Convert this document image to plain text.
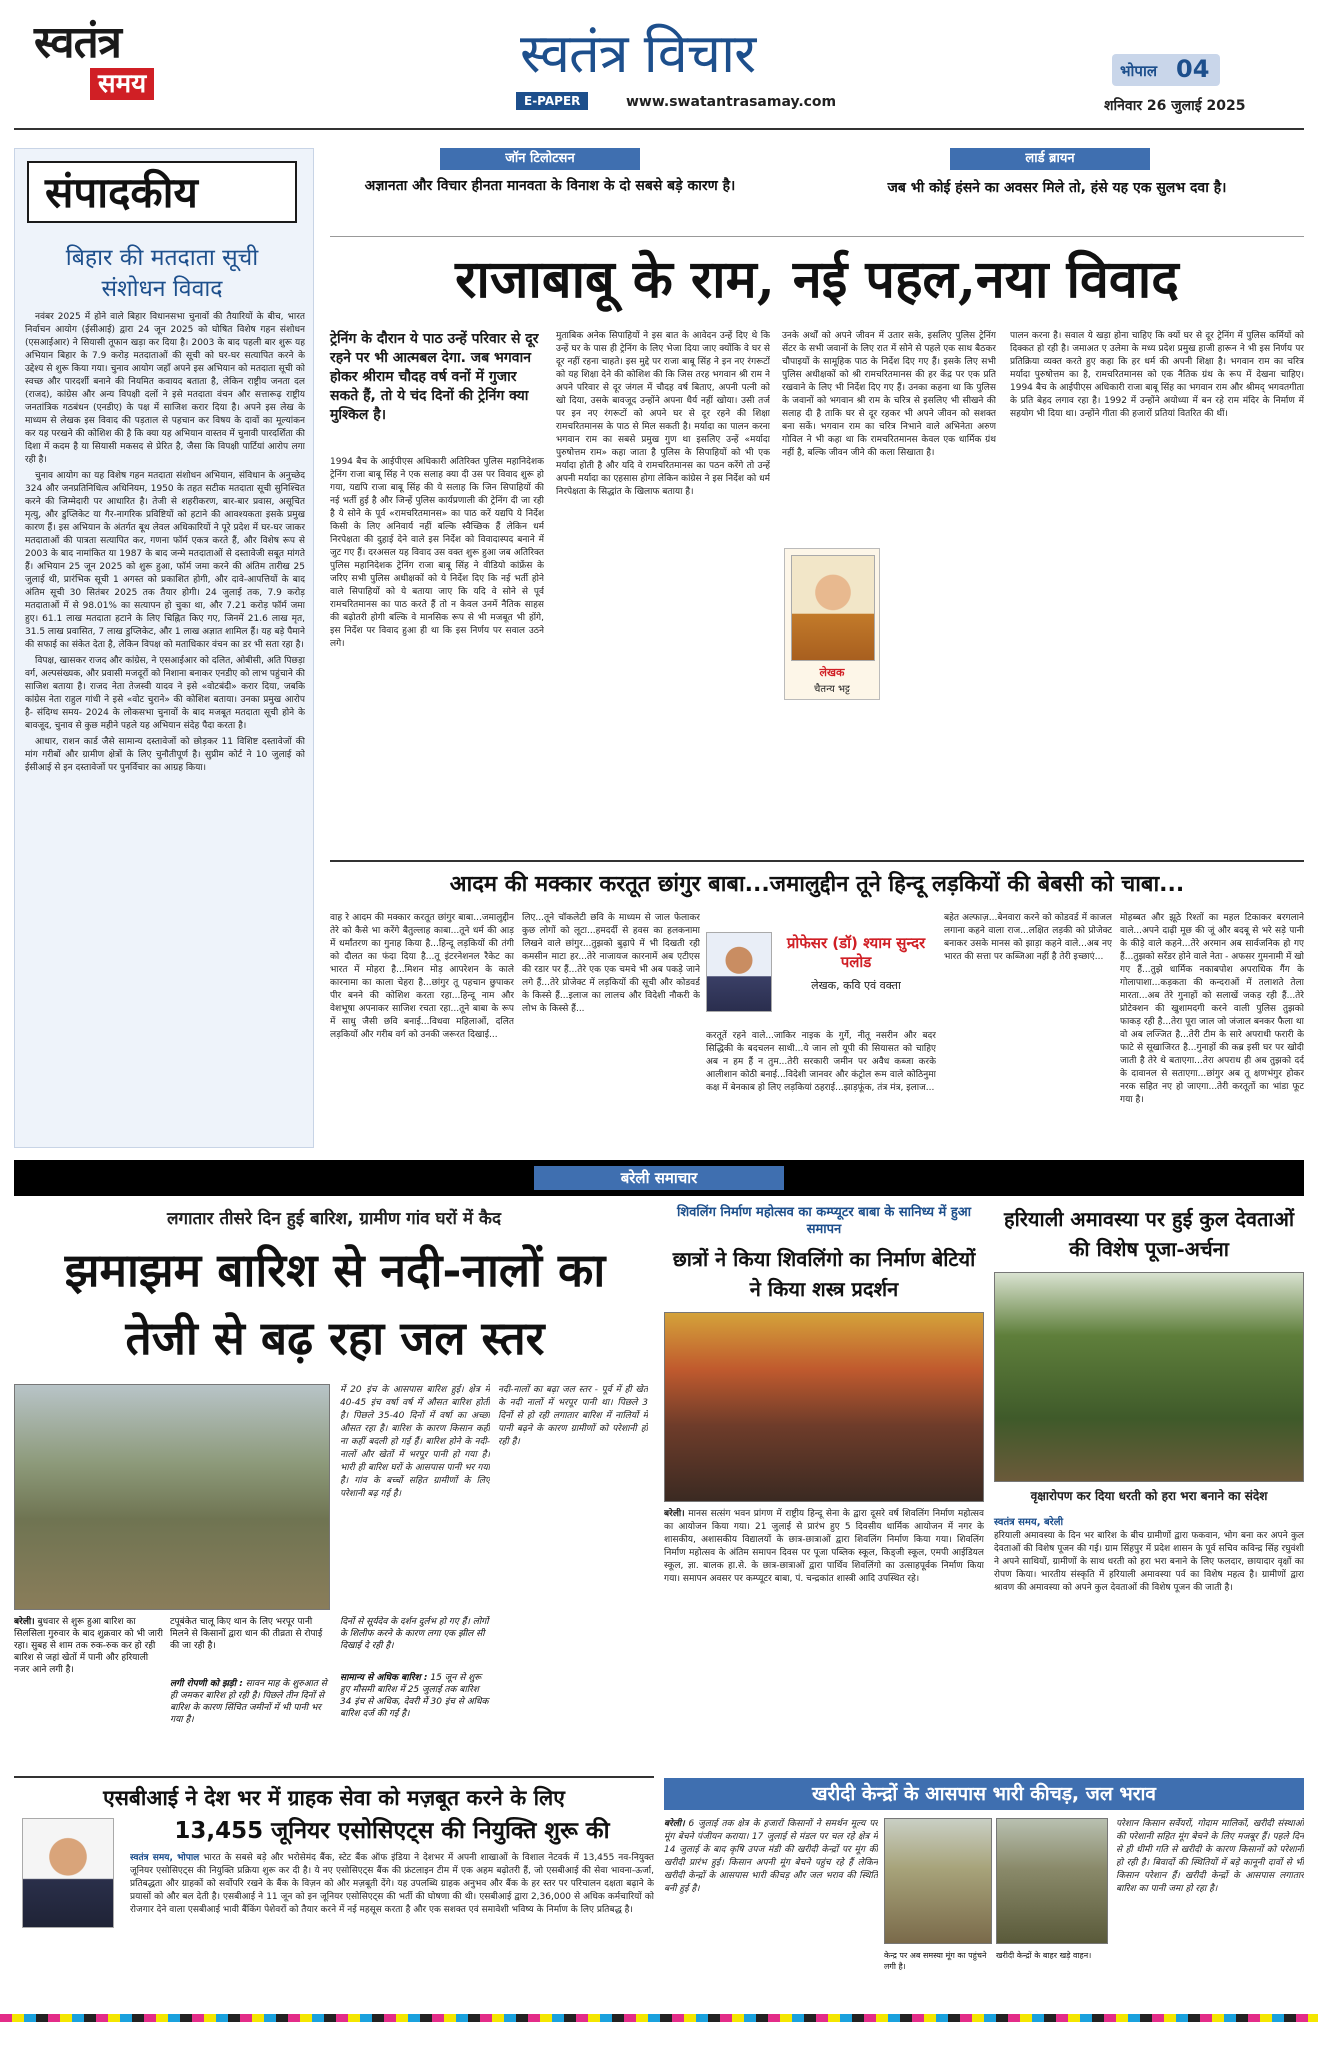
स्वतंत्र
समय	स्वतंत्र विचार
E-PAPER	www.swatantrasamay.com
भोपाल 04
शनिवार 26 जुलाई 2025
संपादकीय
बिहार की मतदाता सूची संशोधन विवाद

नवंबर 2025 में होने वाले बिहार विधानसभा चुनावों की तैयारियों के बीच, भारत निर्वाचन आयोग (ईसीआई) द्वारा 24 जून 2025 को घोषित विशेष गहन संशोधन (एसआईआर) ने सियासी तूफान खड़ा कर दिया है। 2003 के बाद पहली बार शुरू यह अभियान बिहार के 7.9 करोड़ मतदाताओं की सूची को घर-घर सत्यापित करने के उद्देश्य से शुरू किया गया। चुनाव आयोग जहाँ अपने इस अभियान को मतदाता सूची को स्वच्छ और पारदर्शी बनाने की नियमित कवायद बताता है, लेकिन राष्ट्रीय जनता दल (राजद), कांग्रेस और अन्य विपक्षी दलों ने इसे मतदाता वंचन और सत्तारूढ़ राष्ट्रीय जनतांत्रिक गठबंधन (एनडीए) के पक्ष में साजिश करार दिया है। अपने इस लेख के माध्यम से लेखक इस विवाद की पड़ताल से पहचान कर विषय के दावों का मूल्यांकन कर यह परखने की कोशिश की है कि क्या यह अभियान वास्तव में चुनावी पारदर्शिता की दिशा में कदम है या सियासी मकसद से प्रेरित है, जैसा कि विपक्षी पार्टियां आरोप लगा रही है।

चुनाव आयोग का यह विशेष गहन मतदाता संशोधन अभियान, संविधान के अनुच्छेद 324 और जनप्रतिनिधित्व अधिनियम, 1950 के तहत सटीक मतदाता सूची सुनिश्चित करने की जिम्मेदारी पर आधारित है। तेजी से शहरीकरण, बार-बार प्रवास, असूचित मृत्यु, और डुप्लिकेट या गैर-नागरिक प्रविष्टियों को हटाने की आवश्यकता इसके प्रमुख कारण हैं। इस अभियान के अंतर्गत बूथ लेवल अधिकारियों ने पूरे प्रदेश में घर-घर जाकर मतदाताओं की पात्रता सत्यापित कर, गणना फॉर्म एकत्र करते हैं, और विशेष रूप से 2003 के बाद नामांकित या 1987 के बाद जन्मे मतदाताओं से दस्तावेजी सबूत मांगते हैं। अभियान 25 जून 2025 को शुरू हुआ, फॉर्म जमा करने की अंतिम तारीख 25 जुलाई थी, प्रारंभिक सूची 1 अगस्त को प्रकाशित होगी, और दावे-आपत्तियों के बाद अंतिम सूची 30 सितंबर 2025 तक तैयार होगी। 24 जुलाई तक, 7.9 करोड़ मतदाताओं में से 98.01% का सत्यापन हो चुका था, और 7.21 करोड़ फॉर्म जमा हुए। 61.1 लाख मतदाता हटाने के लिए चिह्नित किए गए, जिनमें 21.6 लाख मृत, 31.5 लाख प्रवासित, 7 लाख डुप्लिकेट, और 1 लाख अज्ञात शामिल हैं। यह बड़े पैमाने की सफाई का संकेत देता है, लेकिन विपक्ष को मताधिकार वंचन का डर भी सता रहा है।

विपक्ष, खासकर राजद और कांग्रेस, ने एसआईआर को दलित, ओबीसी, अति पिछड़ा वर्ग, अल्पसंख्यक, और प्रवासी मजदूरों को निशाना बनाकर एनडीए को लाभ पहुंचाने की साजिश बताया है। राजद नेता तेजस्वी यादव ने इसे «वोटबंदी» करार दिया, जबकि कांग्रेस नेता राहुल गांधी ने इसे «वोट चुराने» की कोशिश बताया। उनका प्रमुख आरोप है- संदिग्ध समय- 2024 के लोकसभा चुनावों के बाद मजबूत मतदाता सूची होने के बावजूद, चुनाव से कुछ महीने पहले यह अभियान संदेह पैदा करता है।

आधार, राशन कार्ड जैसे सामान्य दस्तावेजों को छोड़कर 11 विशिष्ट दस्तावेजों की मांग गरीबों और ग्रामीण क्षेत्रों के लिए चुनौतीपूर्ण है। सुप्रीम कोर्ट ने 10 जुलाई को ईसीआई से इन दस्तावेजों पर पुनर्विचार का आग्रह किया।

जॉन टिलोटसन
अज्ञानता और विचार हीनता मानवता के विनाश के दो सबसे बड़े कारण है।
लार्ड ब्रायन
जब भी कोई हंसने का अवसर मिले तो, हंसे यह एक सुलभ दवा है।
राजाबाबू के राम, नई पहल,नया विवाद
ट्रेनिंग के दौरान ये पाठ उन्हें परिवार से दूर रहने पर भी आत्मबल देगा. जब भगवान होकर श्रीराम चौदह वर्ष वनों में गुजार सकते हैं, तो ये चंद दिनों की ट्रेनिंग क्या मुश्किल है।
1994 बैच के आईपीएस अधिकारी अतिरिक्त पुलिस महानिदेशक ट्रेनिंग राजा बाबू सिंह ने एक सलाह क्या दी उस पर विवाद शुरू हो गया, यद्यपि राजा बाबू सिंह की ये सलाह कि जिन सिपाहियों की नई भर्ती हुई है और जिन्हें पुलिस कार्यप्रणाली की ट्रेनिंग दी जा रही है ये सोने के पूर्व «रामचरितमानस» का पाठ करें यद्यपि ये निर्देश किसी के लिए अनिवार्य नहीं बल्कि स्वैच्छिक हैं लेकिन धर्म निरपेक्षता की दुहाई देने वाले इस निर्देश को विवादास्पद बनाने में जुट गए हैं। दरअसल यह विवाद उस वक्त शुरू हुआ जब अतिरिक्त पुलिस महानिदेशक ट्रेनिंग राजा बाबू सिंह ने वीडियो कांफ्रेंस के जरिए सभी पुलिस अधीक्षकों को ये निर्देश दिए कि नई भर्ती होने वाले सिपाहियों को ये बताया जाए कि यदि वे सोने से पूर्व रामचरितमानस का पाठ करते हैं तो न केवल उनमें नैतिक साहस की बढ़ोतरी होगी बल्कि वे मानसिक रूप से भी मजबूत भी होंगे, इस निर्देश पर विवाद हुआ ही था कि इस निर्णय पर सवाल उठने लगे।
मुताबिक अनेक सिपाहियों ने इस बात के आवेदन उन्हें दिए थे कि उन्हें घर के पास ही ट्रेनिंग के लिए भेजा दिया जाए क्योंकि वे घर से दूर नहीं रहना चाहते। इस मुद्दे पर राजा बाबू सिंह ने इन नए रंगरूटों को यह शिक्षा देने की कोशिश की कि जिस तरह भगवान श्री राम ने अपने परिवार से दूर जंगल में चौदह वर्ष बिताए, अपनी पत्नी को खो दिया, उसके बावजूद उन्होंने अपना धैर्य नहीं खोया। उसी तर्ज पर इन नए रंगरूटों को अपने घर से दूर रहने की शिक्षा रामचरितमानस के पाठ से मिल सकती है। मर्यादा का पालन करना भगवान राम का सबसे प्रमुख गुण था इसलिए उन्हें «मर्यादा पुरुषोत्तम राम» कहा जाता है पुलिस के सिपाहियों को भी एक मर्यादा होती है और यदि वे रामचरितमानस का पठन करेंगे तो उन्हें अपनी मर्यादा का एहसास होगा लेकिन कांग्रेस ने इस निर्देश को धर्म निरपेक्षता के सिद्धांत के खिलाफ बताया है।
लेखक
चैतन्य भट्ट
उनके अर्थों को अपने जीवन में उतार सके, इसलिए पुलिस ट्रेनिंग सेंटर के सभी जवानों के लिए रात में सोने से पहले एक साथ बैठकर चौपाइयों के सामूहिक पाठ के निर्देश दिए गए हैं। इसके लिए सभी पुलिस अधीक्षकों को श्री रामचरितमानस की हर केंद्र पर एक प्रति रखवाने के लिए भी निर्देश दिए गए हैं। उनका कहना था कि पुलिस के जवानों को भगवान श्री राम के चरित्र से इसलिए भी सीखने की सलाह दी है ताकि घर से दूर रहकर भी अपने जीवन को सशक्त बना सकें। भगवान राम का चरित्र निभाने वाले अभिनेता अरुण गोविल ने भी कहा था कि रामचरितमानस केवल एक धार्मिक ग्रंथ नहीं है, बल्कि जीवन जीने की कला सिखाता है।
पालन करना है। सवाल ये खड़ा होना चाहिए कि क्यों घर से दूर ट्रेनिंग में पुलिस कर्मियों को दिक्कत हो रही है। जमाअत ए उलेमा के मध्य प्रदेश प्रमुख हाजी हारून ने भी इस निर्णय पर प्रतिक्रिया व्यक्त करते हुए कहा कि हर धर्म की अपनी शिक्षा है। भगवान राम का चरित्र मर्यादा पुरुषोत्तम का है, रामचरितमानस को एक नैतिक ग्रंथ के रूप में देखना चाहिए। 1994 बैच के आईपीएस अधिकारी राजा बाबू सिंह का भगवान राम और श्रीमद् भगवतगीता के प्रति बेहद लगाव रहा है। 1992 में उन्होंने अयोध्या में बन रहे राम मंदिर के निर्माण में सहयोग भी दिया था। उन्होंने गीता की हजारों प्रतियां वितरित की थीं।
आदम की मक्कार करतूत छांगुर बाबा...जमालुद्दीन तूने हिन्दू लड़कियों की बेबसी को चाबा...
वाह रे आदम की मक्कार करतूत छांगुर बाबा...जमालुद्दीन तेरे को कैसे भा करेंगे बैतुल्लाह काबा...तूने धर्म की आड़ में धर्मांतरण का गुनाह किया है...हिन्दू लड़कियों की तंगी को दौलत का फंदा दिया है...तू इंटरनेशनल रैकेट का भारत में मोहरा है...मिशन मोड़ आपरेशन के काले कारनामा का काला चेहरा है...छांगुर तू पहचान छुपाकर पीर बनने की कोशिश करता रहा...हिन्दू नाम और वेशभूषा अपनाकर साजिश रचता रहा...तूने बाबा के रूप में साधु जैसी छवि बनाई...विधवा महिलाओं, दलित लड़कियों और गरीब वर्ग को उनकी जरूरत दिखाई...
लिए...तूने चॉकलेटी छवि के माध्यम से जाल फेलाकर कुछ लोगों को लूटा...हमदर्दी से हवस का हलकनामा लिखने वाले छांगुर...तुझको बुढ़ापे में भी दिखती रही कमसीन माटा हर...तेरे नाजायज कारनामें अब एटीएस की रडार पर हैं...तेरे एक एक चमचे भी अब पकड़े जाने लगे हैं...तेरे प्रोजेक्ट में लड़कियों की सूची और कोडवर्ड के किस्से हैं...इलाज का लालच और विदेशी नौकरी के लोभ के किस्से हैं...
प्रोफेसर (डॉ) श्याम सुन्दर पलोड
लेखक, कवि एवं वक्ता
करतूतें रहने वाले...जाकिर नाइक के गुर्गे, नीतू नसरीन और बदर सिद्धिकी के बदचलन साथी...ये जान लो यूपी की सियासत को चाहिए अब न हम हैं न तुम...तेरी सरकारी जमीन पर अवैध कब्जा करके आलीशान कोठी बनाई...विदेशी जानवर और कंट्रोल रूम वाले कोठिनुमा कक्ष में बेनकाब हो लिए लड़कियां ठहराई...झाड़फूंक, तंत्र मंत्र, इलाज...
बहेत अल्फाज़...बेनवारा करने को कोडवर्ड में काजल लगाना कहने वाला राज...लक्षित लड़की को प्रोजेक्ट बनाकर उसके मानस को झाड़ा कहने वाले...अब नए भारत की सत्ता पर कब्जिआ नहीं है तेरी इच्छाएं...
मोहब्बत और झूठे रिश्तों का महल टिकाकर बरगलाने वाले...अपने दाढ़ी मूछ की जूं और बदबू से भरे सड़े पानी के कीड़े वाले कहने...तेरे अरमान अब सार्वजनिक हो गए हैं...तुझको सरेंडर होने वाले नेता - अफसर गुमनामी में खो गए हैं...तुझे धार्मिक नकाबपोश अपराधिक गैंग के गोलापाशा...कड़कता की कन्दराओं में तलाशते तेला मारता...अब तेरे गुनाहों को सलाखें जकड़ रही हैं...तेरे प्रोटेक्शन की खुशामदगी करने वाली पुलिस तुझको फाकड़ रही है...तेरा पूरा जाल जो जंजाल बनकर फैला था वो अब लज्जित है...तेरी टीम के सारे अपराधी फरारी के फाटे से सूखाजिरत है...गुनाहों की कब्र इसी घर पर खोदी जाती है तेरे थे बताएगा...तेरा अपराध ही अब तुझको दर्द के दावानल से सताएगा...छांगुर अब तू क्षणभंगुर होकर नरक सहित नए हो जाएगा...तेरी करतूतों का भांडा फूट गया है।
बरेली समाचार
लगातार तीसरे दिन हुई बारिश, ग्रामीण गांव घरों में कैद
झमाझम बारिश से नदी-नालों का तेजी से बढ़ रहा जल स्तर
में 20 इंच के आसपास बारिश हुई। क्षेत्र में 40-45 इंच वर्षा वर्ष में औसत बारिश होती है। पिछले 35-40 दिनों में वर्षा का अच्छा औसत रहा है। बारिश के कारण किसान कहीं ना कहीं बदली हो गई हैं। बारिश होने के नदी-नालों और खेतों में भरपूर पानी हो गया है। भारी ही बारिश घरों के आसपास पानी भर गया है। गांव के बच्चों सहित ग्रामीणों के लिए परेशानी बढ़ गई है।
नदी-नालों का बढ़ा जल स्तर - पूर्व में ही खेत के नदी नालों में भरपूर पानी था। पिछले 3 दिनों से हो रही लगातार बारिश में नालियों में पानी बढ़ने के कारण ग्रामीणों को परेशानी हो रही है।
बरेली। बुधवार से शुरू हुआ बारिश का सिलसिला गुरुवार के बाद शुक्रवार को भी जारी रहा। सुबह से शाम तक रुक-रुक कर हो रही बारिश से जहां खेतों में पानी और हरियाली नजर आने लगी है।
टपूबंकेत चालू किए थान के लिए भरपूर पानी मिलने से किसानों द्वारा धान की तीव्रता से रोपाई की जा रही है।
लगी रोपणी को झड़ी : सावन माह के शुरुआत से ही जमकर बारिश हो रही है। पिछले तीन दिनों से बारिश के कारण सिंचित जमीनों में भी पानी भर गया है।
दिनों से सूर्यदेव के दर्शन दुर्लभ हो गए हैं। लोगों के शिलीफ करने के कारण लगा एक झील सी दिखाई दे रही है।
सामान्य से अधिक बारिश : 15 जून से शुरू हुए मौसमी बारिश में 25 जुलाई तक बारिश 34 इंच से अधिक, देवरी में 30 इंच से अधिक बारिश दर्ज की गई है।
शिवलिंग निर्माण महोत्सव का कम्प्यूटर बाबा के सानिध्य में हुआ समापन
छात्रों ने किया शिवलिंगो का निर्माण बेटियों ने किया शस्त्र प्रदर्शन
बरेली। मानस सत्संग भवन प्रांगण में राष्ट्रीय हिन्दू सेना के द्वारा दूसरे वर्ष शिवलिंग निर्माण महोत्सव का आयोजन किया गया। 21 जुलाई से प्रारंभ हुए 5 दिवसीय धार्मिक आयोजन में नगर के शासकीय, अशासकीय विद्यालयों के छात्र-छात्राओं द्वारा शिवलिंग निर्माण किया गया। शिवलिंग निर्माण महोत्सव के अंतिम समापन दिवस पर पूजा पब्लिक स्कूल, किड्जी स्कूल, एमपी आईडियल स्कूल, ज्ञा. बालक हा.से. के छात्र-छात्राओं द्वारा पार्थिव शिवलिंगो का उत्साहपूर्वक निर्माण किया गया। समापन अवसर पर कम्प्यूटर बाबा, पं. चन्द्रकांत शास्त्री आदि उपस्थित रहे।
हरियाली अमावस्या पर हुई कुल देवताओं की विशेष पूजा-अर्चना
वृक्षारोपण कर दिया धरती को हरा भरा बनाने का संदेश
स्वतंत्र समय, बरेली
हरियाली अमावस्या के दिन भर बारिश के बीच ग्रामीणों द्वारा फकवान, भोग बना कर अपने कुल देवताओं की विशेष पूजन की गई। ग्राम सिंहपुर में प्रदेश शासन के पूर्व सचिव कविन्द्र सिंह रघुवंशी ने अपने साथियों, ग्रामीणों के साथ धरती को हरा भरा बनाने के लिए फलदार, छायादार वृक्षों का रोपण किया। भारतीय संस्कृति में हरियाली अमावस्या पर्व का विशेष महत्व है। ग्रामीणों द्वारा श्रावण की अमावस्या को अपने कुल देवताओं की विशेष पूजन की जाती है।
एसबीआई ने देश भर में ग्राहक सेवा को मज़बूत करने के लिए
13,455 जूनियर एसोसिएट्स की नियुक्ति शुरू की
स्वतंत्र समय, भोपाल भारत के सबसे बड़े और भरोसेमंद बैंक, स्टेट बैंक ऑफ इंडिया ने देशभर में अपनी शाखाओं के विशाल नेटवर्क में 13,455 नव-नियुक्त जूनियर एसोसिएट्स की नियुक्ति प्रक्रिया शुरू कर दी है। ये नए एसोसिएट्स बैंक की फ्रंटलाइन टीम में एक अहम बढ़ोतरी हैं, जो एसबीआई की सेवा भावना-ऊर्जा, प्रतिबद्धता और ग्राहकों को सर्वोपरि रखने के बैंक के विज़न को और मज़बूती देंगे। यह उपलब्धि ग्राहक अनुभव और बैंक के हर स्तर पर परिचालन दक्षता बढ़ाने के प्रयासों को और बल देती है। एसबीआई ने 11 जून को इन जूनियर एसोसिएट्स की भर्ती की घोषणा की थी। एसबीआई द्वारा 2,36,000 से अधिक कर्मचारियों को रोजगार देने वाला एसबीआई भावी बैंकिंग पेशेवरों को तैयार करने में नई महसूस करता है और एक सशक्त एवं समावेशी भविष्य के निर्माण के लिए प्रतिबद्ध है।
खरीदी केन्द्रों के आसपास भारी कीचड़, जल भराव
बरेली। 6 जुलाई तक क्षेत्र के हजारों किसानों ने समर्थन मूल्य पर मूंग बेचने पंजीयन कराया। 17 जुलाई से मंडल पर चल रहे क्षेत्र में 14 जुलाई के बाद कृषि उपज मंडी की खरीदी केन्द्रों पर मूंग की खरीदी प्रारंभ हुई। किसान अपनी मूंग बेचने पहुंच रहे हैं लेकिन खरीदी केन्द्रों के आसपास भारी कीचड़ और जल भराव की स्थिति बनी हुई है।
केन्द्र पर अब समस्या मूंग का पहुंचने लगी है।
खरीदी केन्द्रों के बाहर खड़े वाहन।
परेशान किसान सर्वेयरों, गोदाम मालिकों, खरीदी संस्थाओं की परेशानी सहित मूंग बेचने के लिए मजबूर हैं। पहले दिन से ही धीमी गति से खरीदी के कारण किसानों को परेशानी हो रही है। बिवादों की स्थितियों में बड़े कानूनी दावों से भी किसान परेशान हैं। खरीदी केन्द्रों के आसपास लगातार बारिश का पानी जमा हो रहा है।
